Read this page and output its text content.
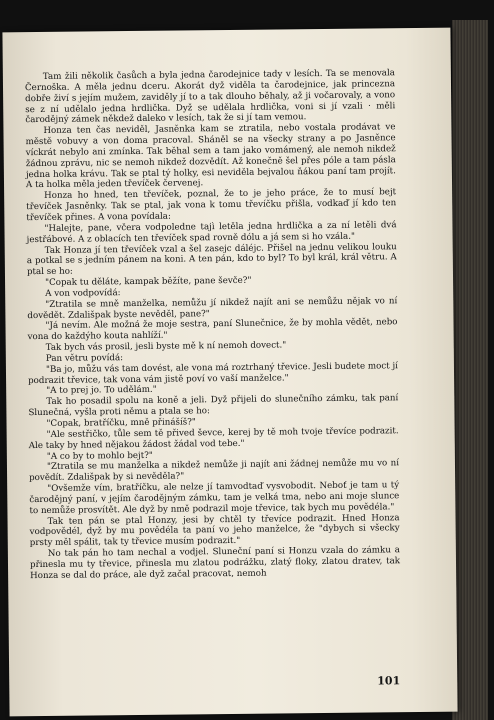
Tam žili několik časůch a byla jedna čarodejnice tady v lesích. Ta se menovala Černoška. A měla jednu dceru. Akorát dyž viděla ta čarodejnice, jak princezna dobře živí s jejím mužem, zaviděly jí to a tak dlouho běhaly, až ji vočarovaly, a vono se z ní udělalo jedna hrdlička. Dyž se udělala hrdlička, voni si jí vzali · měli čarodějný zámek někdež daleko v lesích, tak že si jí tam vemou.

Honza ten čas neviděl, Jasněnka kam se ztratila, nebo vostala prodávat ve městě vobuvy a von doma pracoval. Sháněl se na všecky strany a po Jasněnce víckrát nebylo ani zmínka. Tak běhal sem a tam jako vomámený, ale nemoh nikdež žádnou zprávu, nic se nemoh nikdež dozvědít. Až konečně šel přes póle a tam pásla jedna holka krávu. Tak se ptal tý holky, esi neviděla bejvalou ňákou paní tam projít. A ta holka měla jeden třevíček červenej.

Honza ho hned, ten třevíček, poznal, že to je jeho práce, že to musí bejt třevíček Jasněnky. Tak se ptal, jak vona k tomu třevíčku přišla, vodkaď jí kdo ten třevíček přines. A vona povídala:

"Halejte, pane, včera vodpoledne tajì letěla jedna hrdlička a za ní letěli dvá jestřábové. A z oblacích ten třevíček spad rovně dólu a já sem si ho vzála."

Tak Honza jí ten třevíček vzal a šel zasejc dáléjc. Přišel na jednu velikou louku a potkal se s jedním pánem na koni. A ten pán, kdo to byl? To byl král, král větru. A ptal se ho:

"Copak tu děláte, kampak běžíte, pane ševče?"

A von vodpovídá:

"Ztratila se mně manželka, nemůžu jí nikdež najít ani se nemůžu nějak vo ní dovědět. Zdališpak byste nevěděl, pane?"

"Já nevím. Ale možná že moje sestra, paní Slunečnice, že by mohla vědět, nebo vona do každýho kouta nahlíží."

Tak bych vás prosil, jesli byste mě k ní nemoh dovect."

Pan větru povídá:

"Ba jo, můžu vás tam dovést, ale vona má roztrhaný třevice. Jesli budete moct jí podrazit třevice, tak vona vám jistě poví vo vaší manželce."

"A to prej jo. To udělám."

Tak ho posadil spolu na koně a jeli. Dyž přijeli do slunečního zámku, tak paní Slunečná, vyšla proti němu a ptala se ho:

"Copak, bratříčku, mně přinášíš?"

"Ale sestřičko, tůle sem tě přived ševce, kerej by tě moh tvoje třevíce podrazit. Ale taky by hned nějakou žádost žádal vod tebe."

"A co by to mohlo bejt?"

"Ztratila se mu manželka a nikdež nemůže ji najít ani žádnej nemůže mu vo ní povědít. Zdališpak by si nevěděla?"

"Ovšemže vím, bratříčku, ale nelze jí tamvodtaď vysvobodit. Neboť je tam u tý čarodějný paní, v jejím čarodějným zámku, tam je velká tma, nebo ani moje slunce to nemůže prosvítět. Ale dyž by nmě podrazil moje třevice, tak bych mu povědéla."

Tak ten pán se ptal Honzy, jesi by chtěl ty třevíce podrazit. Hned Honza vodpovědél, dyž by mu povědéla ta paní vo jeho manželce, že "dybych si všecky prsty měl spálit, tak ty třevice musím podrazit."

No tak pán ho tam nechal a vodjel. Sluneční paní si Honzu vzala do zámku a přinesla mu ty třevice, přinesla mu zlatou podrážku, zlatý floky, zlatou dratev, tak Honza se dal do práce, ale dyž začal pracovat, nemoh

101
